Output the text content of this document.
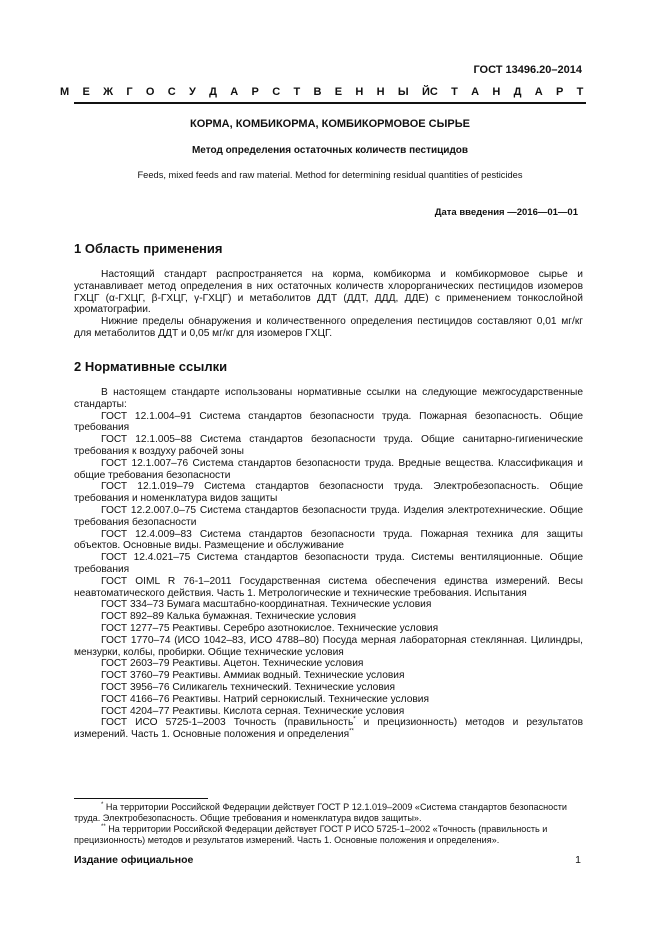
ГОСТ 13496.20–2014
М Е Ж Г О С У Д А Р С Т В Е Н Н Ы Й С Т А Н Д А Р Т
КОРМА, КОМБИКОРМА, КОМБИКОРМОВОЕ СЫРЬЕ
Метод определения остаточных количеств пестицидов
Feeds, mixed feeds and raw material. Method for determining residual quantities of pesticides
Дата введения —2016—01—01
1 Область применения

Настоящий стандарт распространяется на корма, комбикорма и комбикормовое сырье и устанавливает метод определения в них остаточных количеств хлорорганических пестицидов изомеров ГХЦГ (α-ГХЦГ, β-ГХЦГ, γ-ГХЦГ) и метаболитов ДДТ (ДДТ, ДДД, ДДЕ) с применением тонкослойной хроматографии.

Нижние пределы обнаружения и количественного определения пестицидов составляют 0,01 мг/кг для метаболитов ДДТ и 0,05 мг/кг для изомеров ГХЦГ.

2 Нормативные ссылки

В настоящем стандарте использованы нормативные ссылки на следующие межгосударственные стандарты:

ГОСТ 12.1.004–91 Система стандартов безопасности труда. Пожарная безопасность. Общие требования

ГОСТ 12.1.005–88 Система стандартов безопасности труда. Общие санитарно-гигиенические требования к воздуху рабочей зоны

ГОСТ 12.1.007–76 Система стандартов безопасности труда. Вредные вещества. Классификация и общие требования безопасности

ГОСТ 12.1.019–79 Система стандартов безопасности труда. Электробезопасность. Общие требования и номенклатура видов защиты

ГОСТ 12.2.007.0–75 Система стандартов безопасности труда. Изделия электротехнические. Общие требования безопасности

ГОСТ 12.4.009–83 Система стандартов безопасности труда. Пожарная техника для защиты объектов. Основные виды. Размещение и обслуживание

ГОСТ 12.4.021–75 Система стандартов безопасности труда. Системы вентиляционные. Общие требования

ГОСТ OIML R 76-1–2011 Государственная система обеспечения единства измерений. Весы неавтоматического действия. Часть 1. Метрологические и технические требования. Испытания

ГОСТ 334–73 Бумага масштабно-координатная. Технические условия

ГОСТ 892–89 Калька бумажная. Технические условия

ГОСТ 1277–75 Реактивы. Серебро азотнокислое. Технические условия

ГОСТ 1770–74 (ИСО 1042–83, ИСО 4788–80) Посуда мерная лабораторная стеклянная. Цилиндры, мензурки, колбы, пробирки. Общие технические условия

ГОСТ 2603–79 Реактивы. Ацетон. Технические условия

ГОСТ 3760–79 Реактивы. Аммиак водный. Технические условия

ГОСТ 3956–76 Силикагель технический. Технические условия

ГОСТ 4166–76 Реактивы. Натрий сернокислый. Технические условия

ГОСТ 4204–77 Реактивы. Кислота серная. Технические условия

ГОСТ ИСО 5725-1–2003 Точность (правильность* и прецизионность) методов и результатов измерений. Часть 1. Основные положения и определения**

* На территории Российской Федерации действует ГОСТ Р 12.1.019–2009 «Система стандартов безопасности труда. Электробезопасность. Общие требования и номенклатура видов защиты».

** На территории Российской Федерации действует ГОСТ Р ИСО 5725-1–2002 «Точность (правильность и прецизионность) методов и результатов измерений. Часть 1. Основные положения и определения».

Издание официальное	1
